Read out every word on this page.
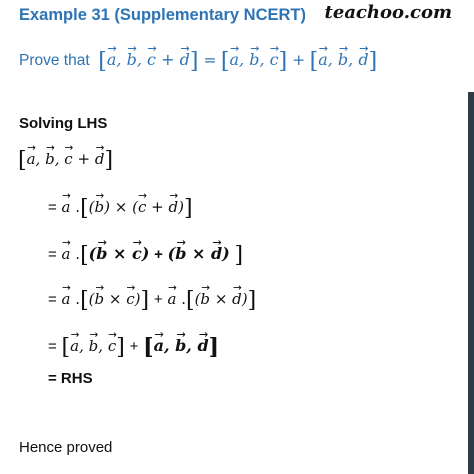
Example 31 (Supplementary NCERT) teachoo.com
Prove that [→ a, → b, → c + → d] = [→ a, → b, → c] + [→ a, → b, → d]
Solving LHS
[→ a, → b, → c + → d]
= → a .[(→ b) × (→ c + → d)]
= → a .[(→ b × → c) + (→ b × → d) ]
= → a .[(→ b × → c)] + → a .[(→ b × → d)]
= [→ a, → b, → c] + [→ a, → b, → d]
= RHS
Hence proved
